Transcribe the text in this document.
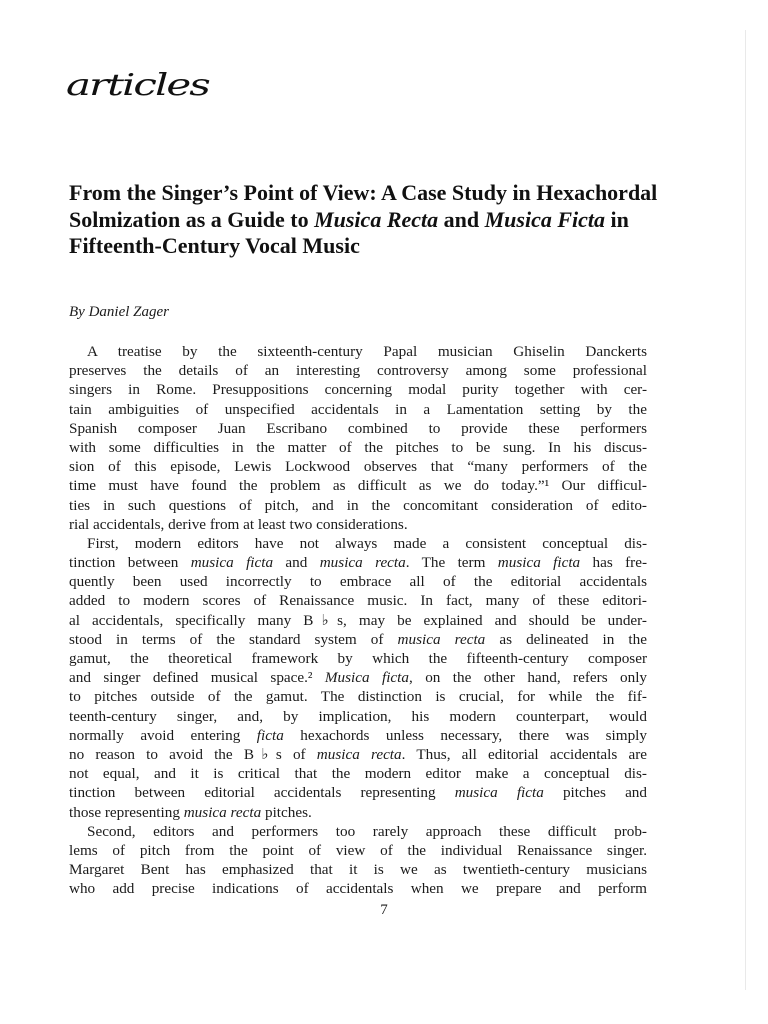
articles
From the Singer’s Point of View: A Case Study in Hexachordal Solmization as a Guide to Musica Recta and Musica Ficta in Fifteenth-Century Vocal Music

By Daniel Zager

A treatise by the sixteenth-century Papal musician Ghiselin Danckerts
preserves the details of an interesting controversy among some professional
singers in Rome. Presuppositions concerning modal purity together with cer-
tain ambiguities of unspecified accidentals in a Lamentation setting by the
Spanish composer Juan Escribano combined to provide these performers
with some difficulties in the matter of the pitches to be sung. In his discus-
sion of this episode, Lewis Lockwood observes that “many performers of the
time must have found the problem as difficult as we do today.”¹ Our difficul-
ties in such questions of pitch, and in the concomitant consideration of edito-
rial accidentals, derive from at least two considerations.
First, modern editors have not always made a consistent conceptual dis-
tinction between musica ficta and musica recta. The term musica ficta has fre-
quently been used incorrectly to embrace all of the editorial accidentals
added to modern scores of Renaissance music. In fact, many of these editori-
al accidentals, specifically many B♭s, may be explained and should be under-
stood in terms of the standard system of musica recta as delineated in the
gamut, the theoretical framework by which the fifteenth-century composer
and singer defined musical space.² Musica ficta, on the other hand, refers only
to pitches outside of the gamut. The distinction is crucial, for while the fif-
teenth-century singer, and, by implication, his modern counterpart, would
normally avoid entering ficta hexachords unless necessary, there was simply
no reason to avoid the B♭s of musica recta. Thus, all editorial accidentals are
not equal, and it is critical that the modern editor make a conceptual dis-
tinction between editorial accidentals representing musica ficta pitches and
those representing musica recta pitches.
Second, editors and performers too rarely approach these difficult prob-
lems of pitch from the point of view of the individual Renaissance singer.
Margaret Bent has emphasized that it is we as twentieth-century musicians
who add precise indications of accidentals when we prepare and perform
7
